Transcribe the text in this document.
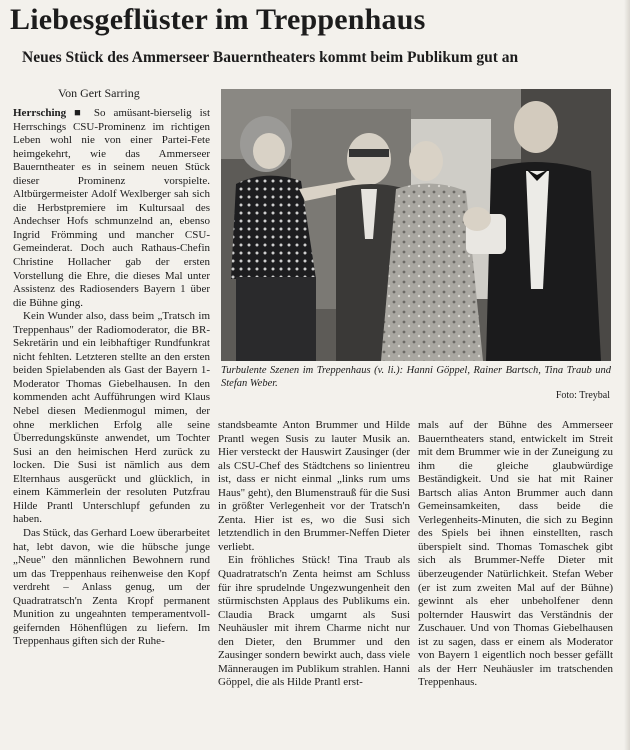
Liebesgeflüster im Treppenhaus
Neues Stück des Ammerseer Bauerntheaters kommt beim Publikum gut an
Von Gert Sarring

Herrsching ■ So amüsant-bierselig ist Herrschings CSU-Prominenz im richtigen Leben wohl nie von einer Partei-Fete heimgekehrt, wie das Ammerseer Bauerntheater es in seinem neuen Stück dieser Prominenz vorspielte. Altbürgermeister Adolf Wexlberger sah sich die Herbstpremiere im Kultursaal des Andechser Hofs schmunzelnd an, ebenso Ingrid Frömming und mancher CSU-Gemeinderat. Doch auch Rathaus-Chefin Christine Hollacher gab der ersten Vorstellung die Ehre, die dieses Mal unter Assistenz des Radiosenders Bayern 1 über die Bühne ging.

Kein Wunder also, dass beim „Tratsch im Treppenhaus" der Radiomoderator, die BR-Sekretärin und ein leibhaftiger Rundfunkrat nicht fehlten. Letzteren stellte an den ersten beiden Spielabenden als Gast der Bayern 1-Moderator Thomas Giebelhausen. In den kommenden acht Aufführungen wird Klaus Nebel diesen Medienmogul mimen, der ohne merklichen Erfolg alle seine Überredungskünste anwendet, um Tochter Susi an den heimischen Herd zurück zu locken. Die Susi ist nämlich aus dem Elternhaus ausgerückt und glücklich, in einem Kämmerlein der resoluten Putzfrau Hilde Prantl Unterschlupf gefunden zu haben.

Das Stück, das Gerhard Loew überarbeitet hat, lebt davon, wie die hübsche junge „Neue" den männlichen Bewohnern rund um das Treppenhaus reihenweise den Kopf verdreht – Anlass genug, um der Quadratratsch'n Zenta Kropf permanent Munition zu ungeahnten temperamentvoll-geifernden Höhenflügen zu liefern. Im Treppenhaus giften sich der Ruhe-

Turbulente Szenen im Treppenhaus (v. li.): Hanni Göppel, Rainer Bartsch, Tina Traub und Stefan Weber.
Foto: Treybal

standsbeamte Anton Brummer und Hilde Prantl wegen Susis zu lauter Musik an. Hier versteckt der Hauswirt Zausinger (der als CSU-Chef des Städtchens so linientreu ist, dass er nicht einmal „links rum ums Haus" geht), den Blumenstrauß für die Susi in größter Verlegenheit vor der Tratsch'n Zenta. Hier ist es, wo die Susi sich letztendlich in den Brummer-Neffen Dieter verliebt.

Ein fröhliches Stück! Tina Traub als Quadratratsch'n Zenta heimst am Schluss für ihre sprudelnde Ungezwungenheit den stürmischsten Applaus des Publikums ein. Claudia Brack umgarnt als Susi Neuhäusler mit ihrem Charme nicht nur den Dieter, den Brummer und den Zausinger sondern bewirkt auch, dass viele Männeraugen im Publikum strahlen. Hanni Göppel, die als Hilde Prantl erst-

mals auf der Bühne des Ammerseer Bauerntheaters stand, entwickelt im Streit mit dem Brummer wie in der Zuneigung zu ihm die gleiche glaubwürdige Beständigkeit. Und sie hat mit Rainer Bartsch alias Anton Brummer auch dann Gemeinsamkeiten, dass beide die Verlegenheits-Minuten, die sich zu Beginn des Spiels bei ihnen einstellten, rasch überspielt sind. Thomas Tomaschek gibt sich als Brummer-Neffe Dieter mit überzeugender Natürlichkeit. Stefan Weber (er ist zum zweiten Mal auf der Bühne) gewinnt als eher unbeholfener denn polternder Hauswirt das Verständnis der Zuschauer. Und von Thomas Giebelhausen ist zu sagen, dass er einem als Moderator von Bayern 1 eigentlich noch besser gefällt als der Herr Neuhäusler im tratschenden Treppenhaus.
